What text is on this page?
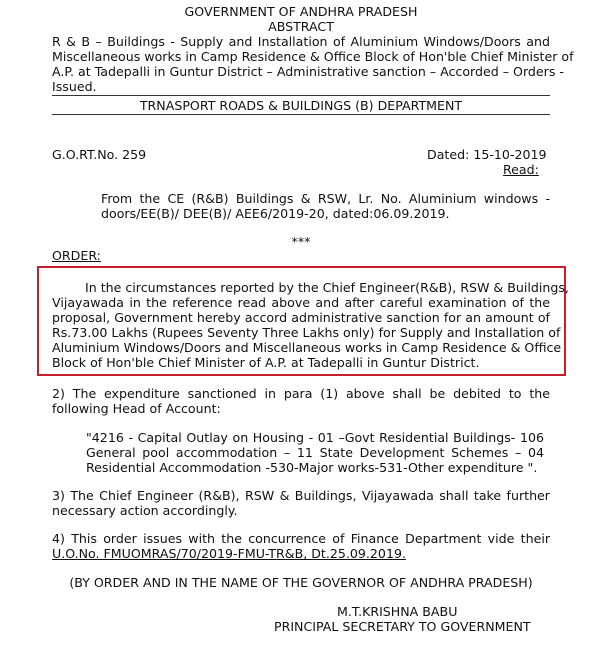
GOVERNMENT OF ANDHRA PRADESH
ABSTRACT
R & B – Buildings - Supply and Installation of Aluminium Windows/Doors and
Miscellaneous works in Camp Residence & Office Block of Hon'ble Chief Minister of
A.P. at Tadepalli in Guntur District – Administrative sanction – Accorded – Orders -
Issued.
TRNASPORT ROADS & BUILDINGS (B) DEPARTMENT
G.O.RT.No. 259	Dated: 15-10-2019
Read:
From the CE (R&B) Buildings & RSW, Lr. No. Aluminium windows -
doors/EE(B)/ DEE(B)/ AEE6/2019-20, dated:06.09.2019.
***
ORDER:
In the circumstances reported by the Chief Engineer(R&B), RSW & Buildings,
Vijayawada in the reference read above and after careful examination of the
proposal, Government hereby accord administrative sanction for an amount of
Rs.73.00 Lakhs (Rupees Seventy Three Lakhs only) for Supply and Installation of
Aluminium Windows/Doors and Miscellaneous works in Camp Residence & Office
Block of Hon'ble Chief Minister of A.P. at Tadepalli in Guntur District.
2) The expenditure sanctioned in para (1) above shall be debited to the
following Head of Account:
"4216 - Capital Outlay on Housing - 01 –Govt Residential Buildings- 106
General pool accommodation – 11 State Development Schemes – 04
Residential Accommodation -530-Major works-531-Other expenditure ".
3) The Chief Engineer (R&B), RSW & Buildings, Vijayawada shall take further
necessary action accordingly.
4) This order issues with the concurrence of Finance Department vide their
U.O.No. FMUOMRAS/70/2019-FMU-TR&B, Dt.25.09.2019.
(BY ORDER AND IN THE NAME OF THE GOVERNOR OF ANDHRA PRADESH)
M.T.KRISHNA BABU
PRINCIPAL SECRETARY TO GOVERNMENT
